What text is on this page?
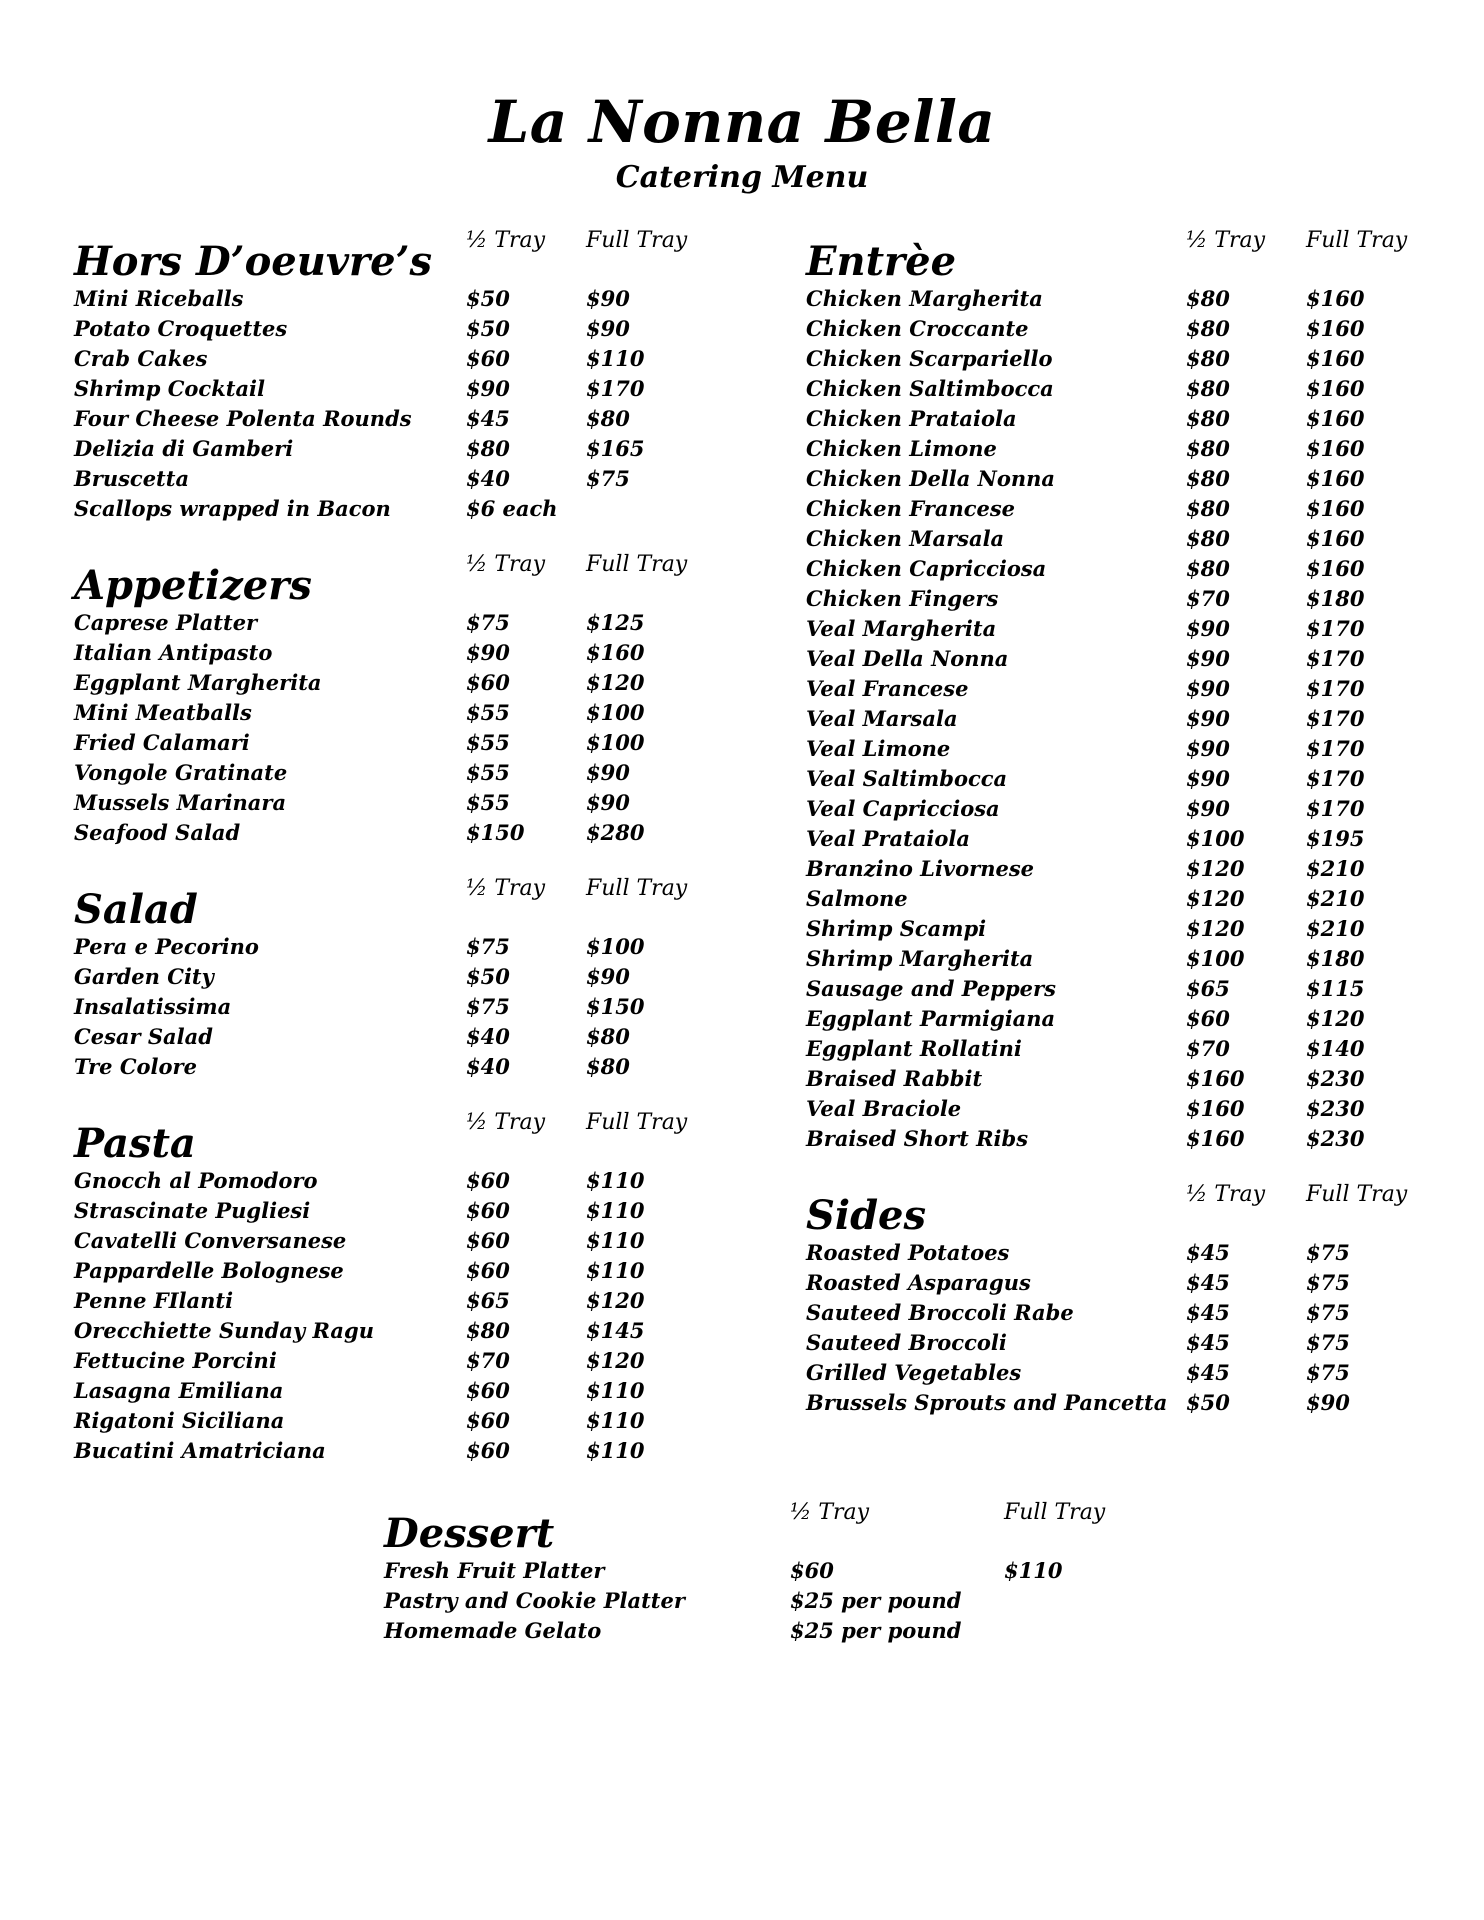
La Nonna Bella
Catering Menu
Hors D’oeuvre’s ½ Tray Full Tray
Mini Riceballs	$50	$90
Potato Croquettes	$50	$90
Crab Cakes	$60	$110
Shrimp Cocktail	$90	$170
Four Cheese Polenta Rounds	$45	$80
Delizia di Gamberi	$80	$165
Bruscetta	$40	$75
Scallops wrapped in Bacon	$6 each
Appetizers	½ Tray Full Tray
Caprese Platter	$75	$125
Italian Antipasto	$90	$160
Eggplant Margherita	$60	$120
Mini Meatballs	$55	$100
Fried Calamari	$55	$100
Vongole Gratinate	$55	$90
Mussels Marinara	$55	$90
Seafood Salad	$150	$280
Salad	½ Tray Full Tray
Pera e Pecorino	$75	$100
Garden City	$50	$90
Insalatissima	$75	$150
Cesar Salad	$40	$80
Tre Colore	$40	$80
Pasta	½ Tray Full Tray
Gnocch al Pomodoro	$60	$110
Strascinate Pugliesi	$60	$110
Cavatelli Conversanese	$60	$110
Pappardelle Bolognese	$60	$110
Penne FIlanti	$65	$120
Orecchiette Sunday Ragu	$80	$145
Fettucine Porcini	$70	$120
Lasagna Emiliana	$60	$110
Rigatoni Siciliana	$60	$110
Bucatini Amatriciana	$60	$110
Entrèe	½ Tray Full Tray
Chicken Margherita	$80	$160
Chicken Croccante	$80	$160
Chicken Scarpariello	$80	$160
Chicken Saltimbocca	$80	$160
Chicken Prataiola	$80	$160
Chicken Limone	$80	$160
Chicken Della Nonna	$80	$160
Chicken Francese	$80	$160
Chicken Marsala	$80	$160
Chicken Capricciosa	$80	$160
Chicken Fingers	$70	$180
Veal Margherita	$90	$170
Veal Della Nonna	$90	$170
Veal Francese	$90	$170
Veal Marsala	$90	$170
Veal Limone	$90	$170
Veal Saltimbocca	$90	$170
Veal Capricciosa	$90	$170
Veal Prataiola	$100	$195
Branzino Livornese	$120	$210
Salmone	$120	$210
Shrimp Scampi	$120	$210
Shrimp Margherita	$100	$180
Sausage and Peppers	$65	$115
Eggplant Parmigiana	$60	$120
Eggplant Rollatini	$70	$140
Braised Rabbit	$160	$230
Veal Braciole	$160	$230
Braised Short Ribs	$160	$230
Sides	½ Tray Full Tray
Roasted Potatoes	$45	$75
Roasted Asparagus	$45	$75
Sauteed Broccoli Rabe	$45	$75
Sauteed Broccoli	$45	$75
Grilled Vegetables	$45	$75
Brussels Sprouts and Pancetta $50	$90
Dessert	½ Tray	Full Tray
Fresh Fruit Platter	$60	$110
Pastry and Cookie Platter	$25 per pound
Homemade Gelato	$25 per pound
